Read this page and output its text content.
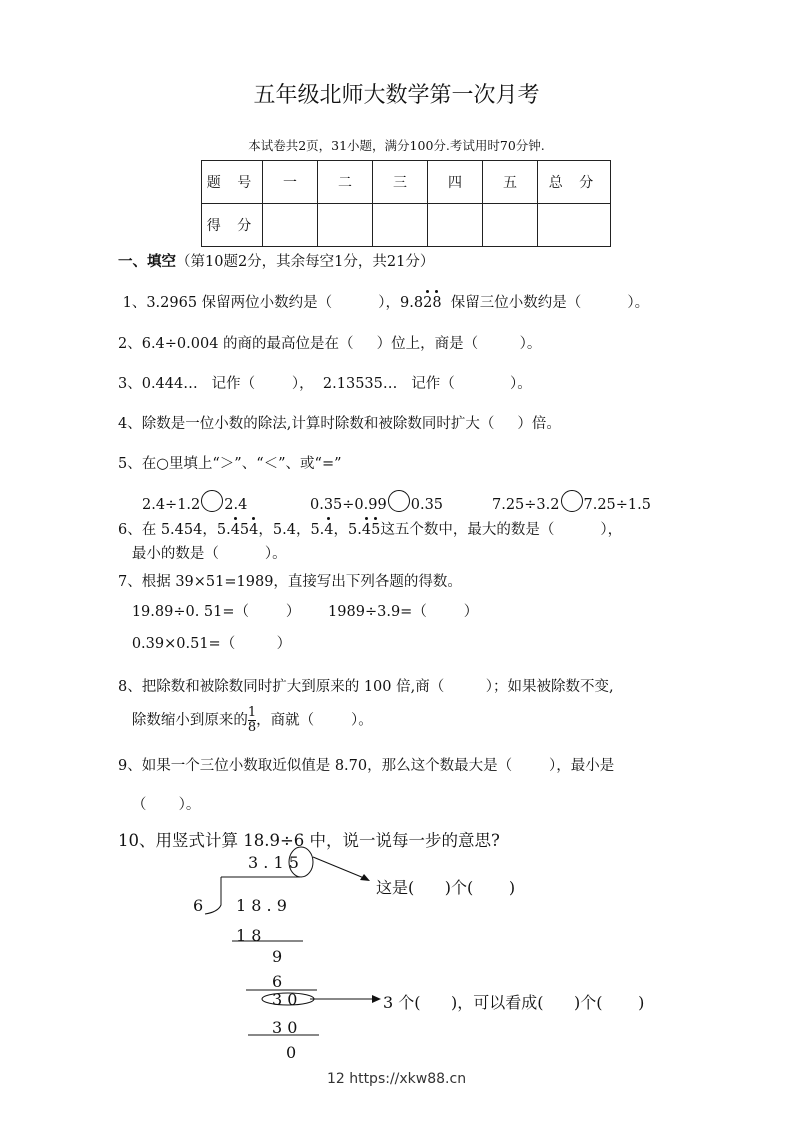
五年级北师大数学第一次月考
本试卷共2页，31小题，满分100分.考试用时70分钟.
题 号	一	二	三	四	五	总 分
得 分						
一、填空（第10题2分，其余每空1分，共21分）
1、3.2965 保留两位小数约是（          ），9.828  保留三位小数约是（          ）。
2、6.4÷0.004 的商的最高位是在（     ）位上，商是（         ）。
3、0.444…   记作（        ），  2.13535…   记作（            ）。
4、除数是一位小数的除法,计算时除数和被除数同时扩大（     ）倍。
5、在○里填上“＞”、“＜”、或“=”
2.4÷1.2 2.4	0.35÷0.99 0.35	7.25÷3.2 7.25÷1.5
6、在 5.454，5.454，5.4，5.4，5.45这五个数中，最大的数是（          ），
最小的数是（          ）。
7、根据 39×51=1989，直接写出下列各题的得数。
19.89÷0. 51=（        ）      1989÷3.9=（        ）
0.39×0.51=（         ）
8、把除数和被除数同时扩大到原来的 100 倍,商（         ）；如果被除数不变,
除数缩小到原来的 $\frac{1}{8}$ ，商就（        ）。
9、如果一个三位小数取近似值是 8.70，那么这个数最大是（        ），最小是
（       ）。
10、用竖式计算 18.9÷6 中，说一说每一步的意思?
3 . 1 5
6 1 8 . 9
1 8
9
6
3 0
3 0
0
这是(      )个(       )
3 个(      )，可以看成(      )个(       )
12 https://xkw88.cn
